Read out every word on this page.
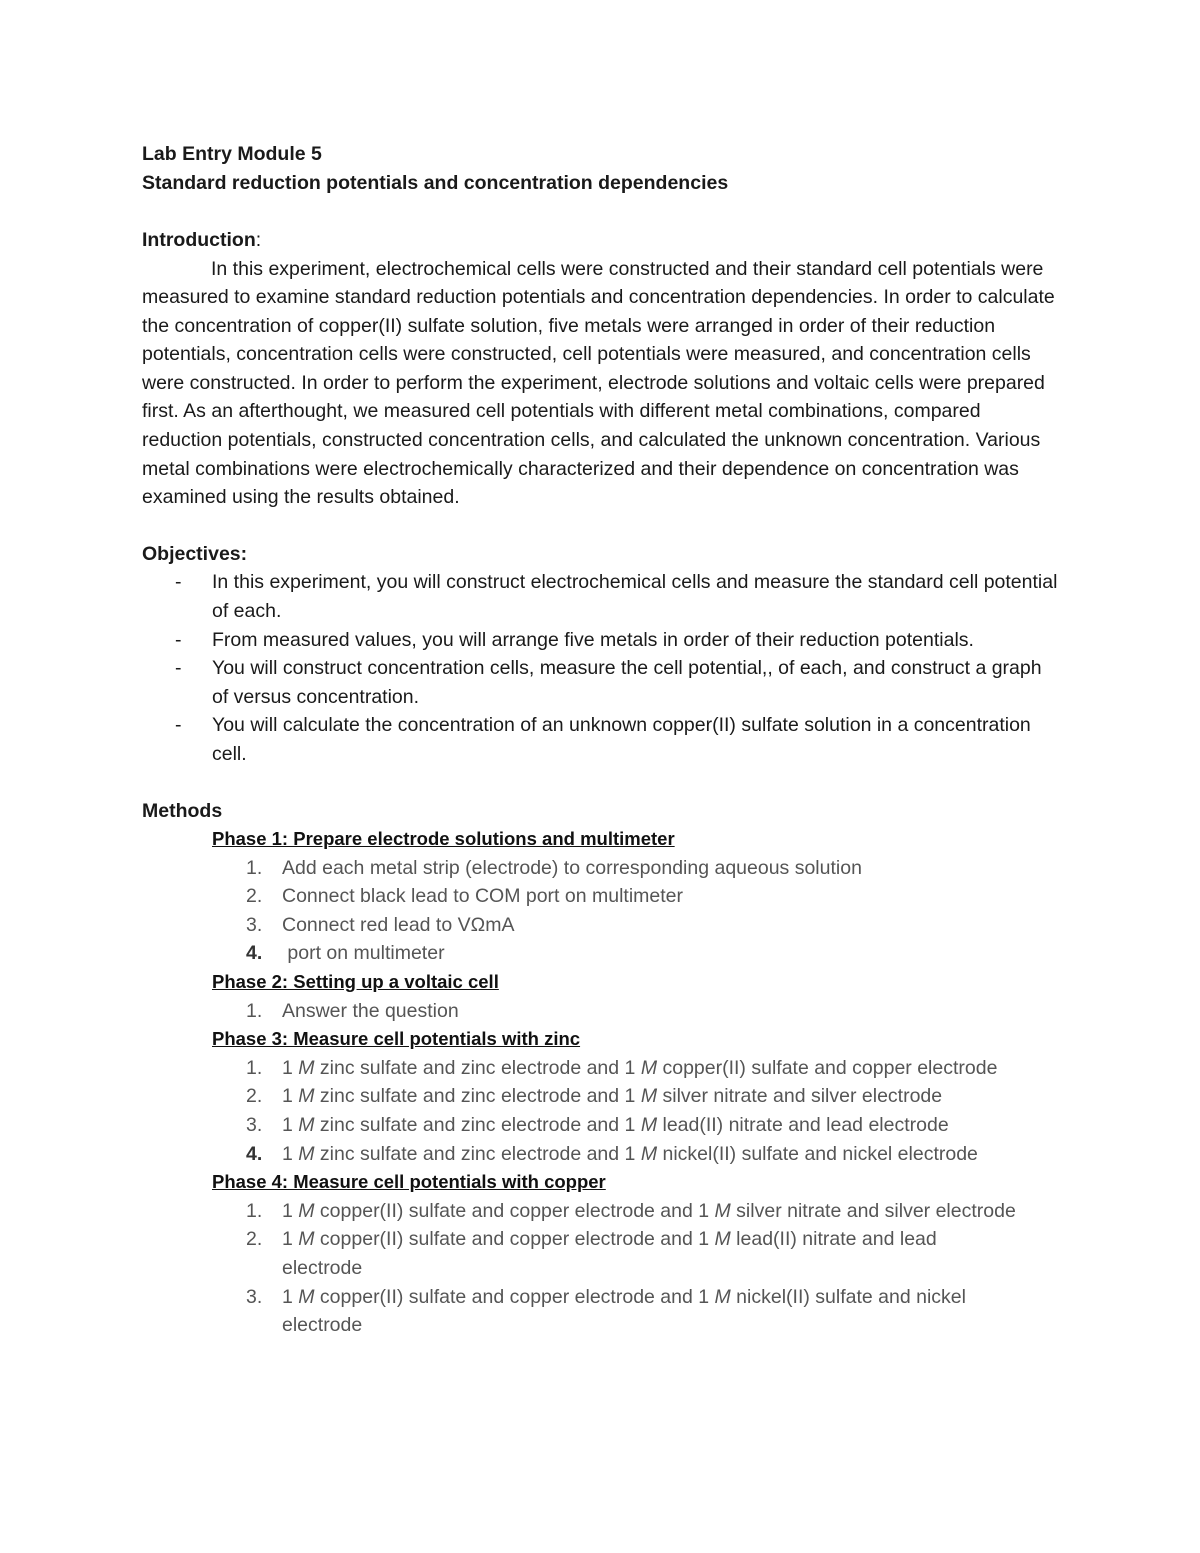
Lab Entry Module 5

Standard reduction potentials and concentration dependencies

Introduction:

In this experiment, electrochemical cells were constructed and their standard cell potentials were measured to examine standard reduction potentials and concentration dependencies. In order to calculate the concentration of copper(II) sulfate solution, five metals were arranged in order of their reduction potentials, concentration cells were constructed, cell potentials were measured, and concentration cells were constructed. In order to perform the experiment, electrode solutions and voltaic cells were prepared first. As an afterthought, we measured cell potentials with different metal combinations, compared reduction potentials, constructed concentration cells, and calculated the unknown concentration. Various metal combinations were electrochemically characterized and their dependence on concentration was examined using the results obtained.

Objectives:

- In this experiment, you will construct electrochemical cells and measure the standard cell potential of each.
- From measured values, you will arrange five metals in order of their reduction potentials.
- You will construct concentration cells, measure the cell potential,, of each, and construct a graph of versus concentration.
- You will calculate the concentration of an unknown copper(II) sulfate solution in a concentration cell.

Methods

Phase 1: Prepare electrode solutions and multimeter

1. Add each metal strip (electrode) to corresponding aqueous solution
2. Connect black lead to COM port on multimeter
3. Connect red lead to VΩmA
4. port on multimeter

Phase 2: Setting up a voltaic cell

1. Answer the question

Phase 3: Measure cell potentials with zinc

1. 1 M zinc sulfate and zinc electrode and 1 M copper(II) sulfate and copper electrode
2. 1 M zinc sulfate and zinc electrode and 1 M silver nitrate and silver electrode
3. 1 M zinc sulfate and zinc electrode and 1 M lead(II) nitrate and lead electrode
4. 1 M zinc sulfate and zinc electrode and 1 M nickel(II) sulfate and nickel electrode

Phase 4: Measure cell potentials with copper

1. 1 M copper(II) sulfate and copper electrode and 1 M silver nitrate and silver electrode
2. 1 M copper(II) sulfate and copper electrode and 1 M lead(II) nitrate and lead electrode
3. 1 M copper(II) sulfate and copper electrode and 1 M nickel(II) sulfate and nickel electrode
